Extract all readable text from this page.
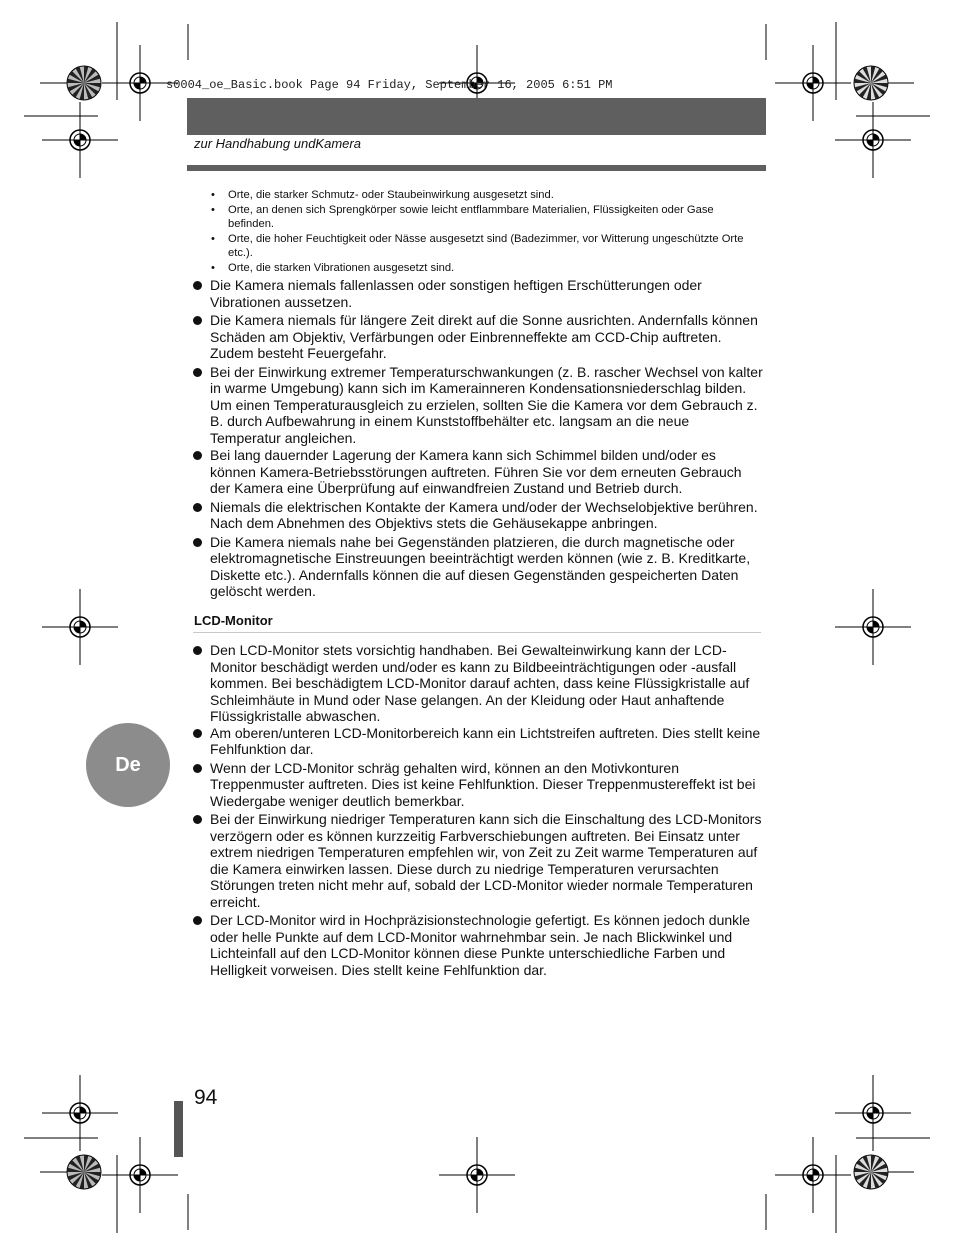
s0004_oe_Basic.book Page 94 Friday, September 16, 2005 6:51 PM
zur Handhabung undKamera
• Orte, die starker Schmutz- oder Staubeinwirkung ausgesetzt sind.
• Orte, an denen sich Sprengkörper sowie leicht entflammbare Materialien, Flüssigkeiten oder Gase befinden.
• Orte, die hoher Feuchtigkeit oder Nässe ausgesetzt sind (Badezimmer, vor Witterung ungeschützte Orte etc.).
• Orte, die starken Vibrationen ausgesetzt sind.
Die Kamera niemals fallenlassen oder sonstigen heftigen Erschütterungen oder Vibrationen aussetzen.
Die Kamera niemals für längere Zeit direkt auf die Sonne ausrichten. Andernfalls können Schäden am Objektiv, Verfärbungen oder Einbrenneffekte am CCD-Chip auftreten. Zudem besteht Feuergefahr.
Bei der Einwirkung extremer Temperaturschwankungen (z. B. rascher Wechsel von kalter in warme Umgebung) kann sich im Kamerainneren Kondensationsniederschlag bilden. Um einen Temperaturausgleich zu erzielen, sollten Sie die Kamera vor dem Gebrauch z. B. durch Aufbewahrung in einem Kunststoffbehälter etc. langsam an die neue Temperatur angleichen.
Bei lang dauernder Lagerung der Kamera kann sich Schimmel bilden und/oder es können Kamera-Betriebsstörungen auftreten. Führen Sie vor dem erneuten Gebrauch der Kamera eine Überprüfung auf einwandfreien Zustand und Betrieb durch.
Niemals die elektrischen Kontakte der Kamera und/oder der Wechselobjektive berühren. Nach dem Abnehmen des Objektivs stets die Gehäusekappe anbringen.
Die Kamera niemals nahe bei Gegenständen platzieren, die durch magnetische oder elektromagnetische Einstreuungen beeinträchtigt werden können (wie z. B. Kreditkarte, Diskette etc.). Andernfalls können die auf diesen Gegenständen gespeicherten Daten gelöscht werden.
LCD-Monitor
Den LCD-Monitor stets vorsichtig handhaben. Bei Gewalteinwirkung kann der LCD-Monitor beschädigt werden und/oder es kann zu Bildbeeinträchtigungen oder -ausfall kommen. Bei beschädigtem LCD-Monitor darauf achten, dass keine Flüssigkristalle auf Schleimhäute in Mund oder Nase gelangen. An der Kleidung oder Haut anhaftende Flüssigkristalle abwaschen.
Am oberen/unteren LCD-Monitorbereich kann ein Lichtstreifen auftreten. Dies stellt keine Fehlfunktion dar.
Wenn der LCD-Monitor schräg gehalten wird, können an den Motivkonturen Treppenmuster auftreten. Dies ist keine Fehlfunktion. Dieser Treppenmustereffekt ist bei Wiedergabe weniger deutlich bemerkbar.
Bei der Einwirkung niedriger Temperaturen kann sich die Einschaltung des LCD-Monitors verzögern oder es können kurzzeitig Farbverschiebungen auftreten. Bei Einsatz unter extrem niedrigen Temperaturen empfehlen wir, von Zeit zu Zeit warme Temperaturen auf die Kamera einwirken lassen. Diese durch zu niedrige Temperaturen verursachten Störungen treten nicht mehr auf, sobald der LCD-Monitor wieder normale Temperaturen erreicht.
Der LCD-Monitor wird in Hochpräzisionstechnologie gefertigt. Es können jedoch dunkle oder helle Punkte auf dem LCD-Monitor wahrnehmbar sein. Je nach Blickwinkel und Lichteinfall auf den LCD-Monitor können diese Punkte unterschiedliche Farben und Helligkeit vorweisen. Dies stellt keine Fehlfunktion dar.
De
94
